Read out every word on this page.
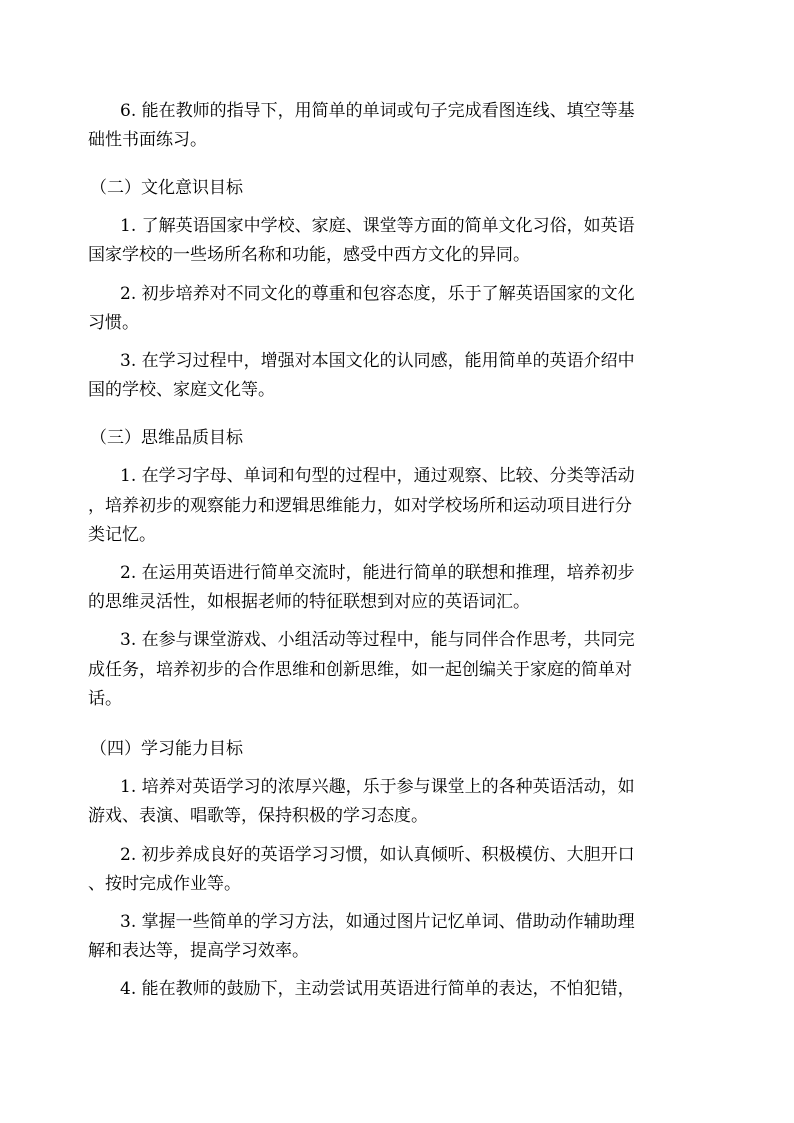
6. 能在教师的指导下，用简单的单词或句子完成看图连线、填空等基
础性书面练习。
（二）文化意识目标
1. 了解英语国家中学校、家庭、课堂等方面的简单文化习俗，如英语
国家学校的一些场所名称和功能，感受中西方文化的异同。
2. 初步培养对不同文化的尊重和包容态度，乐于了解英语国家的文化
习惯。
3. 在学习过程中，增强对本国文化的认同感，能用简单的英语介绍中
国的学校、家庭文化等。
（三）思维品质目标
1. 在学习字母、单词和句型的过程中，通过观察、比较、分类等活动
，培养初步的观察能力和逻辑思维能力，如对学校场所和运动项目进行分
类记忆。
2. 在运用英语进行简单交流时，能进行简单的联想和推理，培养初步
的思维灵活性，如根据老师的特征联想到对应的英语词汇。
3. 在参与课堂游戏、小组活动等过程中，能与同伴合作思考，共同完
成任务，培养初步的合作思维和创新思维，如一起创编关于家庭的简单对
话。
（四）学习能力目标
1. 培养对英语学习的浓厚兴趣，乐于参与课堂上的各种英语活动，如
游戏、表演、唱歌等，保持积极的学习态度。
2. 初步养成良好的英语学习习惯，如认真倾听、积极模仿、大胆开口
、按时完成作业等。
3. 掌握一些简单的学习方法，如通过图片记忆单词、借助动作辅助理
解和表达等，提高学习效率。
4. 能在教师的鼓励下，主动尝试用英语进行简单的表达，不怕犯错，
